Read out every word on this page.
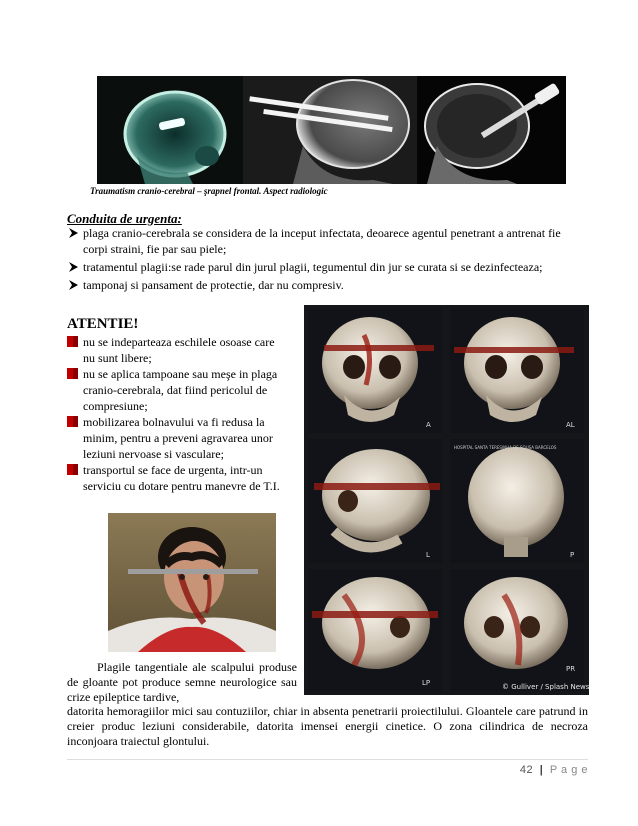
Traumatism cranio-cerebral – şrapnel frontal. Aspect radiologic
Conduita de urgenta:
plaga cranio-cerebrala se considera de la inceput infectata, deoarece agentul penetrant a antrenat fie corpi straini, fie par sau piele;
tratamentul plagii:se rade parul din jurul plagii, tegumentul din jur se curata si se dezinfecteaza;
tamponaj si pansament de protectie, dar nu compresiv.
ATENTIE!
nu se indeparteaza eschilele osoase care nu sunt libere;
nu se aplica tampoane sau meşe in plaga cranio-cerebrala, dat fiind pericolul de compresiune;
mobilizarea bolnavului va fi redusa la minim, pentru a preveni agravarea unor leziuni nervoase si vasculare;
transportul se face de urgenta, intr-un serviciu cu dotare pentru manevre de T.I.
HOSPITAL SANTA TERESINHA DE SOUSA BARCELOS
A	AL
L	P
LP
PR
© Gulliver / Splash News
Plagile tangentiale ale scalpului produse de gloante pot produce semne neurologice sau crize epileptice tardive,
datorita hemoragiilor mici sau contuziilor, chiar in absenta penetrarii proiectilului. Gloantele care patrund in creier produc leziuni considerabile, datorita imensei energii cinetice. O zona cilindrica de necroza inconjoara traiectul glontului.
42 | P a g e
